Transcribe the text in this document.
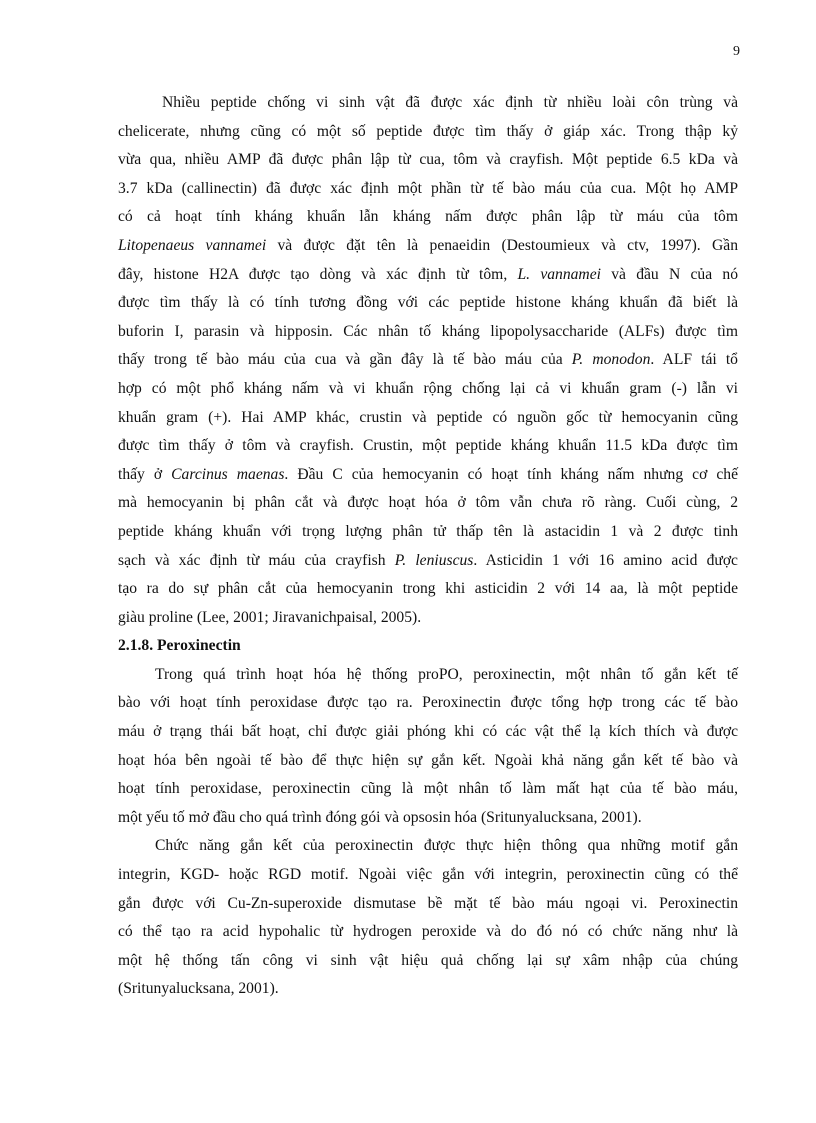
9
Nhiều peptide chống vi sinh vật đã được xác định từ nhiều loài côn trùng và
chelicerate, nhưng cũng có một số peptide được tìm thấy ở giáp xác. Trong thập kỷ
vừa qua, nhiều AMP đã được phân lập từ cua, tôm và crayfish. Một peptide 6.5 kDa và
3.7 kDa (callinectin) đã được xác định một phần từ tế bào máu của cua. Một họ AMP
có cả hoạt tính kháng khuẩn lẫn kháng nấm được phân lập từ máu của tôm
Litopenaeus vannamei và được đặt tên là penaeidin (Destoumieux và ctv, 1997). Gần
đây, histone H2A được tạo dòng và xác định từ tôm, L. vannamei và đầu N của nó
được tìm thấy là có tính tương đồng với các peptide histone kháng khuẩn đã biết là
buforin I, parasin và hipposin. Các nhân tố kháng lipopolysaccharide (ALFs) được tìm
thấy trong tế bào máu của cua và gần đây là tế bào máu của P. monodon. ALF tái tổ
hợp có một phổ kháng nấm và vi khuẩn rộng chống lại cả vi khuẩn gram (-) lẫn vi
khuẩn gram (+). Hai AMP khác, crustin và peptide có nguồn gốc từ hemocyanin cũng
được tìm thấy ở tôm và crayfish. Crustin, một peptide kháng khuẩn 11.5 kDa được tìm
thấy ở Carcinus maenas. Đầu C của hemocyanin có hoạt tính kháng nấm nhưng cơ chế
mà hemocyanin bị phân cắt và được hoạt hóa ở tôm vẫn chưa rõ ràng. Cuối cùng, 2
peptide kháng khuẩn với trọng lượng phân tử thấp tên là astacidin 1 và 2 được tinh
sạch và xác định từ máu của crayfish P. leniuscus. Asticidin 1 với 16 amino acid được
tạo ra do sự phân cắt của hemocyanin trong khi asticidin 2 với 14 aa, là một peptide
giàu proline (Lee, 2001; Jiravanichpaisal, 2005).
2.1.8. Peroxinectin
Trong quá trình hoạt hóa hệ thống proPO, peroxinectin, một nhân tố gắn kết tế
bào với hoạt tính peroxidase được tạo ra. Peroxinectin được tổng hợp trong các tế bào
máu ở trạng thái bất hoạt, chỉ được giải phóng khi có các vật thể lạ kích thích và được
hoạt hóa bên ngoài tế bào để thực hiện sự gắn kết. Ngoài khả năng gắn kết tế bào và
hoạt tính peroxidase, peroxinectin cũng là một nhân tố làm mất hạt của tế bào máu,
một yếu tố mở đầu cho quá trình đóng gói và opsosin hóa (Sritunyalucksana, 2001).
Chức năng gắn kết của peroxinectin được thực hiện thông qua những motif gắn
integrin, KGD- hoặc RGD motif. Ngoài việc gắn với integrin, peroxinectin cũng có thể
gắn được với Cu-Zn-superoxide dismutase bề mặt tế bào máu ngoại vi. Peroxinectin
có thể tạo ra acid hypohalic từ hydrogen peroxide và do đó nó có chức năng như là
một hệ thống tấn công vi sinh vật hiệu quả chống lại sự xâm nhập của chúng
(Sritunyalucksana, 2001).
